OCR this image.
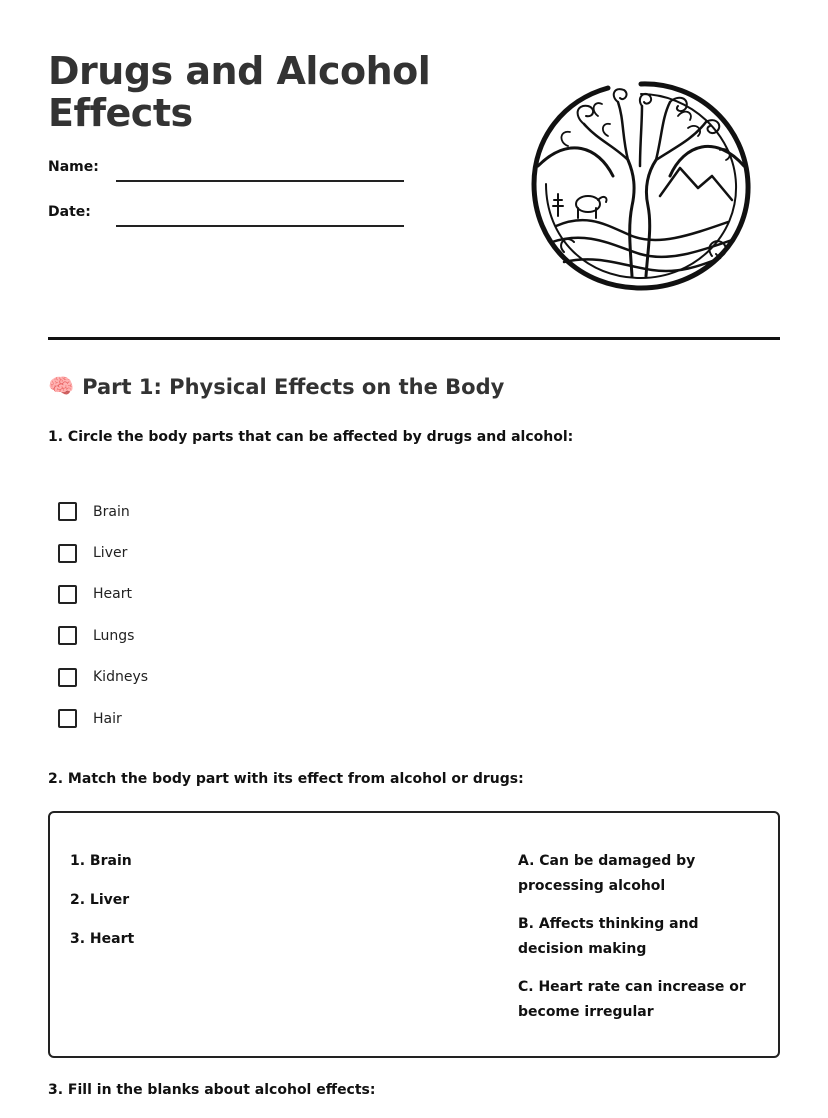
Drugs and Alcohol
Effects
Name:
Date:
🧠 Part 1: Physical Effects on the Body

1. Circle the body parts that can be affected by drugs and alcohol:

Brain
Liver
Heart
Lungs
Kidneys
Hair

2. Match the body part with its effect from alcohol or drugs:

1. Brain
2. Liver
3. Heart
A. Can be damaged by processing alcohol
B. Affects thinking and decision making
C. Heart rate can increase or become irregular

3. Fill in the blanks about alcohol effects:
